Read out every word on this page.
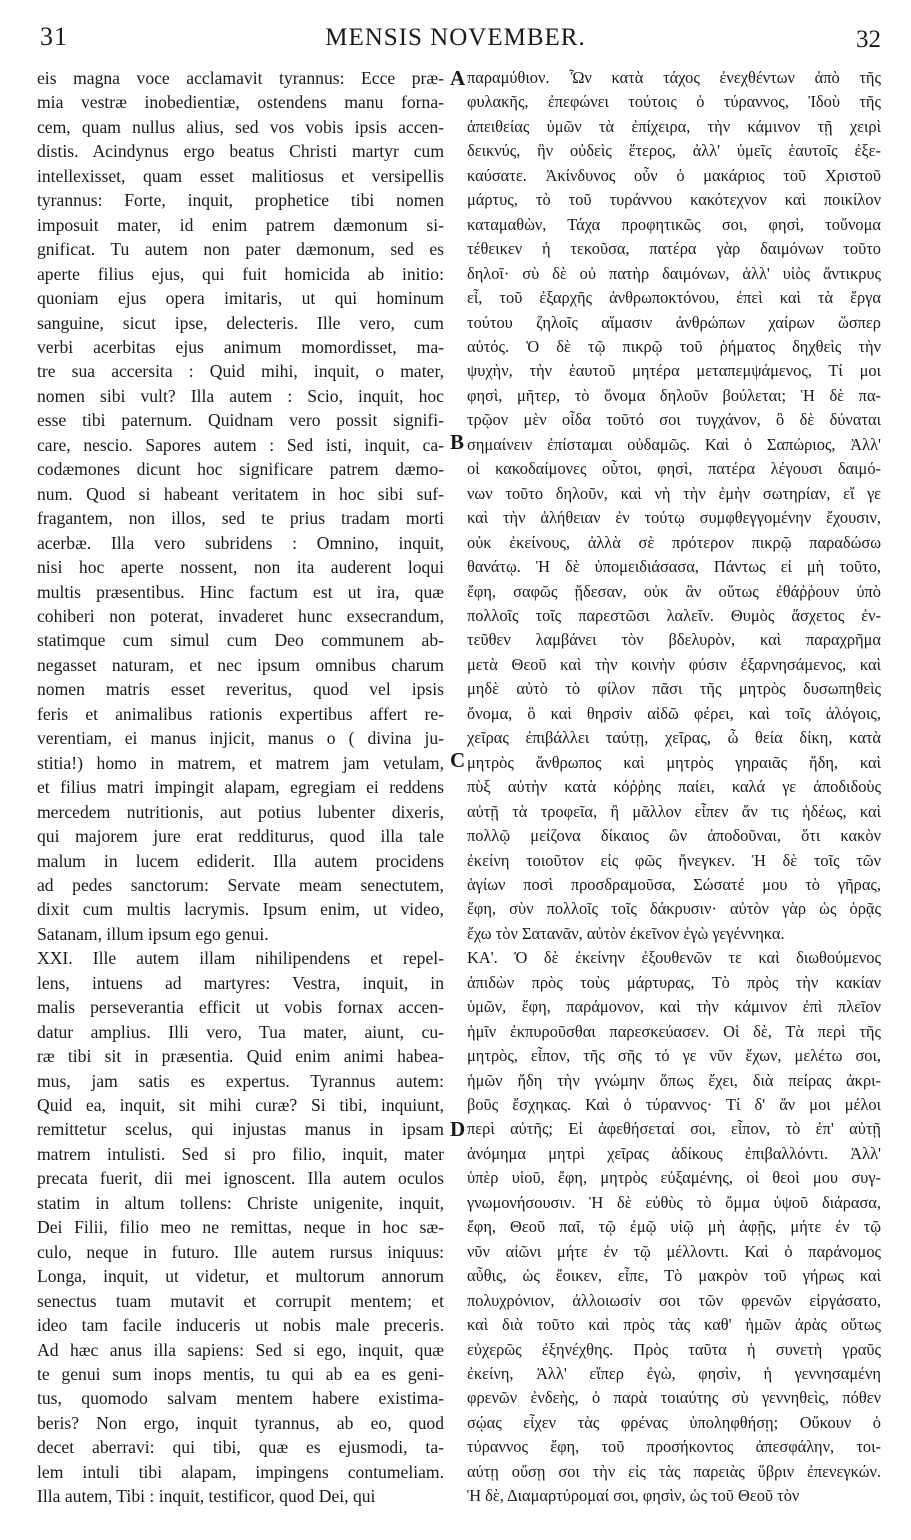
31	MENSIS NOVEMBER.	32
eis magna voce acclamavit tyrannus: Ecce præ-
mia vestræ inobedientiæ, ostendens manu forna-
cem, quam nullus alius, sed vos vobis ipsis accen-
distis. Acindynus ergo beatus Christi martyr cum
intellexisset, quam esset malitiosus et versipellis
tyrannus: Forte, inquit, prophetice tibi nomen
imposuit mater, id enim patrem dæmonum si-
gnificat. Tu autem non pater dæmonum, sed es
aperte filius ejus, qui fuit homicida ab initio:
quoniam ejus opera imitaris, ut qui hominum
sanguine, sicut ipse, delecteris. Ille vero, cum
verbi acerbitas ejus animum momordisset, ma-
tre sua accersita : Quid mihi, inquit, o mater,
nomen sibi vult? Illa autem : Scio, inquit, hoc
esse tibi paternum. Quidnam vero possit signifi-
care, nescio. Sapores autem : Sed isti, inquit, ca-
codæmones dicunt hoc significare patrem dæmo-
num. Quod si habeant veritatem in hoc sibi suf-
fragantem, non illos, sed te prius tradam morti
acerbæ. Illa vero subridens : Omnino, inquit,
nisi hoc aperte nossent, non ita auderent loqui
multis præsentibus. Hinc factum est ut ira, quæ
cohiberi non poterat, invaderet hunc exsecrandum,
statimque cum simul cum Deo communem ab-
negasset naturam, et nec ipsum omnibus charum
nomen matris esset reveritus, quod vel ipsis
feris et animalibus rationis expertibus affert re-
verentiam, ei manus injicit, manus o ( divina ju-
stitia!) homo in matrem, et matrem jam vetulam,
et filius matri impingit alapam, egregiam ei reddens
mercedem nutritionis, aut potius lubenter dixeris,
qui majorem jure erat redditurus, quod illa tale
malum in lucem ediderit. Illa autem procidens
ad pedes sanctorum: Servate meam senectutem,
dixit cum multis lacrymis. Ipsum enim, ut video,
Satanam, illum ipsum ego genui.
XXI. Ille autem illam nihilipendens et repel-
lens, intuens ad martyres: Vestra, inquit, in
malis perseverantia efficit ut vobis fornax accen-
datur amplius. Illi vero, Tua mater, aiunt, cu-
ræ tibi sit in præsentia. Quid enim animi habea-
mus, jam satis es expertus. Tyrannus autem:
Quid ea, inquit, sit mihi curæ? Si tibi, inquiunt,
remittetur scelus, qui injustas manus in ipsam
matrem intulisti. Sed si pro filio, inquit, mater
precata fuerit, dii mei ignoscent. Illa autem oculos
statim in altum tollens: Christe unigenite, inquit,
Dei Filii, filio meo ne remittas, neque in hoc sæ-
culo, neque in futuro. Ille autem rursus iniquus:
Longa, inquit, ut videtur, et multorum annorum
senectus tuam mutavit et corrupit mentem; et
ideo tam facile induceris ut nobis male preceris.
Ad hæc anus illa sapiens: Sed si ego, inquit, quæ
te genui sum inops mentis, tu qui ab ea es geni-
tus, quomodo salvam mentem habere existima-
beris? Non ergo, inquit tyrannus, ab eo, quod
decet aberravi: qui tibi, quæ es ejusmodi, ta-
lem intuli tibi alapam, impingens contumeliam.
Illa autem, Tibi : inquit, testificor, quod Dei, qui
παραμύθιον. Ὧν κατὰ τάχος ἐνεχθέντων ἀπὸ τῆς
φυλακῆς, ἐπεφώνει τούτοις ὁ τύραννος, Ἰδοὺ τῆς
ἀπειθείας ὑμῶν τὰ ἐπίχειρα, τὴν κάμινον τῇ χειρὶ
δεικνύς, ἣν οὐδεὶς ἕτερος, ἀλλ' ὑμεῖς ἑαυτοῖς ἐξε-
καύσατε. Ἀκίνδυνος οὖν ὁ μακάριος τοῦ Χριστοῦ
μάρτυς, τὸ τοῦ τυράννου κακότεχνον καὶ ποικίλον
καταμαθὼν, Τάχα προφητικῶς σοι, φησὶ, τοὔνομα
τέθεικεν ἡ τεκοῦσα, πατέρα γὰρ δαιμόνων τοῦτο
δηλοῖ· σὺ δὲ οὐ πατὴρ δαιμόνων, ἀλλ' υἱὸς ἄντικρυς
εἶ, τοῦ ἐξαρχῆς ἀνθρωποκτόνου, ἐπεὶ καὶ τὰ ἔργα
τούτου ζηλοῖς αἵμασιν ἀνθρώπων χαίρων ὥσπερ
αὐτός. Ὁ δὲ τῷ πικρῷ τοῦ ῥήματος δηχθεὶς τὴν
ψυχὴν, τὴν ἑαυτοῦ μητέρα μεταπεμψάμενος, Τί μοι
φησὶ, μῆτερ, τὸ ὄνομα δηλοῦν βούλεται; Ἡ δὲ πα-
τρῷον μὲν οἶδα τοῦτό σοι τυγχάνον, ὃ δὲ δύναται
σημαίνειν ἐπίσταμαι οὐδαμῶς. Καὶ ὁ Σαπώριος, Ἀλλ'
οἱ κακοδαίμονες οὗτοι, φησὶ, πατέρα λέγουσι δαιμό-
νων τοῦτο δηλοῦν, καὶ νὴ τὴν ἐμὴν σωτηρίαν, εἴ γε
καὶ τὴν ἀλήθειαν ἐν τούτῳ συμφθεγγομένην ἔχουσιν,
οὐκ ἐκείνους, ἀλλὰ σὲ πρότερον πικρῷ παραδώσω
θανάτῳ. Ἡ δὲ ὑπομειδιάσασα, Πάντως εἰ μὴ τοῦτο,
ἔφη, σαφῶς ᾔδεσαν, οὐκ ἂν οὕτως ἐθάῤῥουν ὑπὸ
πολλοῖς τοῖς παρεστῶσι λαλεῖν. Θυμὸς ἄσχετος ἐν-
τεῦθεν λαμβάνει τὸν βδελυρὸν, καὶ παραχρῆμα
μετὰ Θεοῦ καὶ τὴν κοινὴν φύσιν ἐξαρνησάμενος, καὶ
μηδὲ αὐτὸ τὸ φίλον πᾶσι τῆς μητρὸς δυσωπηθεὶς
ὄνομα, ὃ καὶ θηρσὶν αἰδῶ φέρει, καὶ τοῖς ἀλόγοις,
χεῖρας ἐπιβάλλει ταύτῃ, χεῖρας, ὦ θεία δίκη, κατὰ
μητρὸς ἄνθρωπος καὶ μητρὸς γηραιᾶς ἤδη, καὶ
πὺξ αὐτὴν κατὰ κόῤῥης παίει, καλά γε ἀποδιδοὺς
αὐτῇ τὰ τροφεῖα, ἢ μᾶλλον εἶπεν ἄν τις ἡδέως, καὶ
πολλῷ μείζονα δίκαιος ὢν ἀποδοῦναι, ὅτι κακὸν
ἐκείνη τοιοῦτον εἰς φῶς ἤνεγκεν. Ἡ δὲ τοῖς τῶν
ἁγίων ποσὶ προσδραμοῦσα, Σώσατέ μου τὸ γῆρας,
ἔφη, σὺν πολλοῖς τοῖς δάκρυσιν· αὐτὸν γὰρ ὡς ὁρᾷς
ἔχω τὸν Σατανᾶν, αὐτὸν ἐκεῖνον ἐγὼ γεγέννηκα.
ΚΑ'. Ὁ δὲ ἐκείνην ἐξουθενῶν τε καὶ διωθούμενος
ἀπιδὼν πρὸς τοὺς μάρτυρας, Τὸ πρὸς τὴν κακίαν
ὑμῶν, ἔφη, παράμονον, καὶ τὴν κάμινον ἐπὶ πλεῖον
ἡμῖν ἐκπυροῦσθαι παρεσκεύασεν. Οἱ δὲ, Τὰ περὶ τῆς
μητρὸς, εἶπον, τῆς σῆς τό γε νῦν ἔχων, μελέτω σοι,
ἡμῶν ἤδη τὴν γνώμην ὅπως ἔχει, διὰ πείρας ἀκρι-
βοῦς ἔσχηκας. Καὶ ὁ τύραννος· Τί δ' ἄν μοι μέλοι
περὶ αὐτῆς; Εἰ ἀφεθήσεταί σοι, εἶπον, τὸ ἐπ' αὐτῇ
ἀνόμημα μητρὶ χεῖρας ἀδίκους ἐπιβαλλόντι. Ἀλλ'
ὑπὲρ υἱοῦ, ἔφη, μητρὸς εὐξαμένης, οἱ θεοὶ μου συγ-
γνωμονήσουσιν. Ἡ δὲ εὐθὺς τὸ ὄμμα ὑψοῦ διάρασα,
ἔφη, Θεοῦ παῖ, τῷ ἐμῷ υἱῷ μὴ ἀφῇς, μήτε ἐν τῷ
νῦν αἰῶνι μήτε ἐν τῷ μέλλοντι. Καὶ ὁ παράνομος
αὖθις, ὡς ἔοικεν, εἶπε, Τὸ μακρὸν τοῦ γήρως καὶ
πολυχρόνιον, ἀλλοιωσίν σοι τῶν φρενῶν εἰργάσατο,
καὶ διὰ τοῦτο καὶ πρὸς τὰς καθ' ἡμῶν ἀρὰς οὕτως
εὐχερῶς ἐξηνέχθης. Πρὸς ταῦτα ἡ συνετὴ γραῦς
ἐκείνη, Ἀλλ' εἴπερ ἐγὼ, φησὶν, ἡ γεννησαμένη
φρενῶν ἐνδεὴς, ὁ παρὰ τοιαύτης σὺ γεννηθεὶς, πόθεν
σῴας εἶχεν τὰς φρένας ὑποληφθήσῃ; Οὔκουν ὁ
τύραννος ἔφη, τοῦ προσήκοντος ἀπεσφάλην, τοι-
αύτῃ οὔσῃ σοι τὴν εἰς τὰς παρειὰς ὕβριν ἐπενεγκών.
Ἡ δὲ, Διαμαρτύρομαί σοι, φησὶν, ὡς τοῦ Θεοῦ τὸν
A
B
C
D
